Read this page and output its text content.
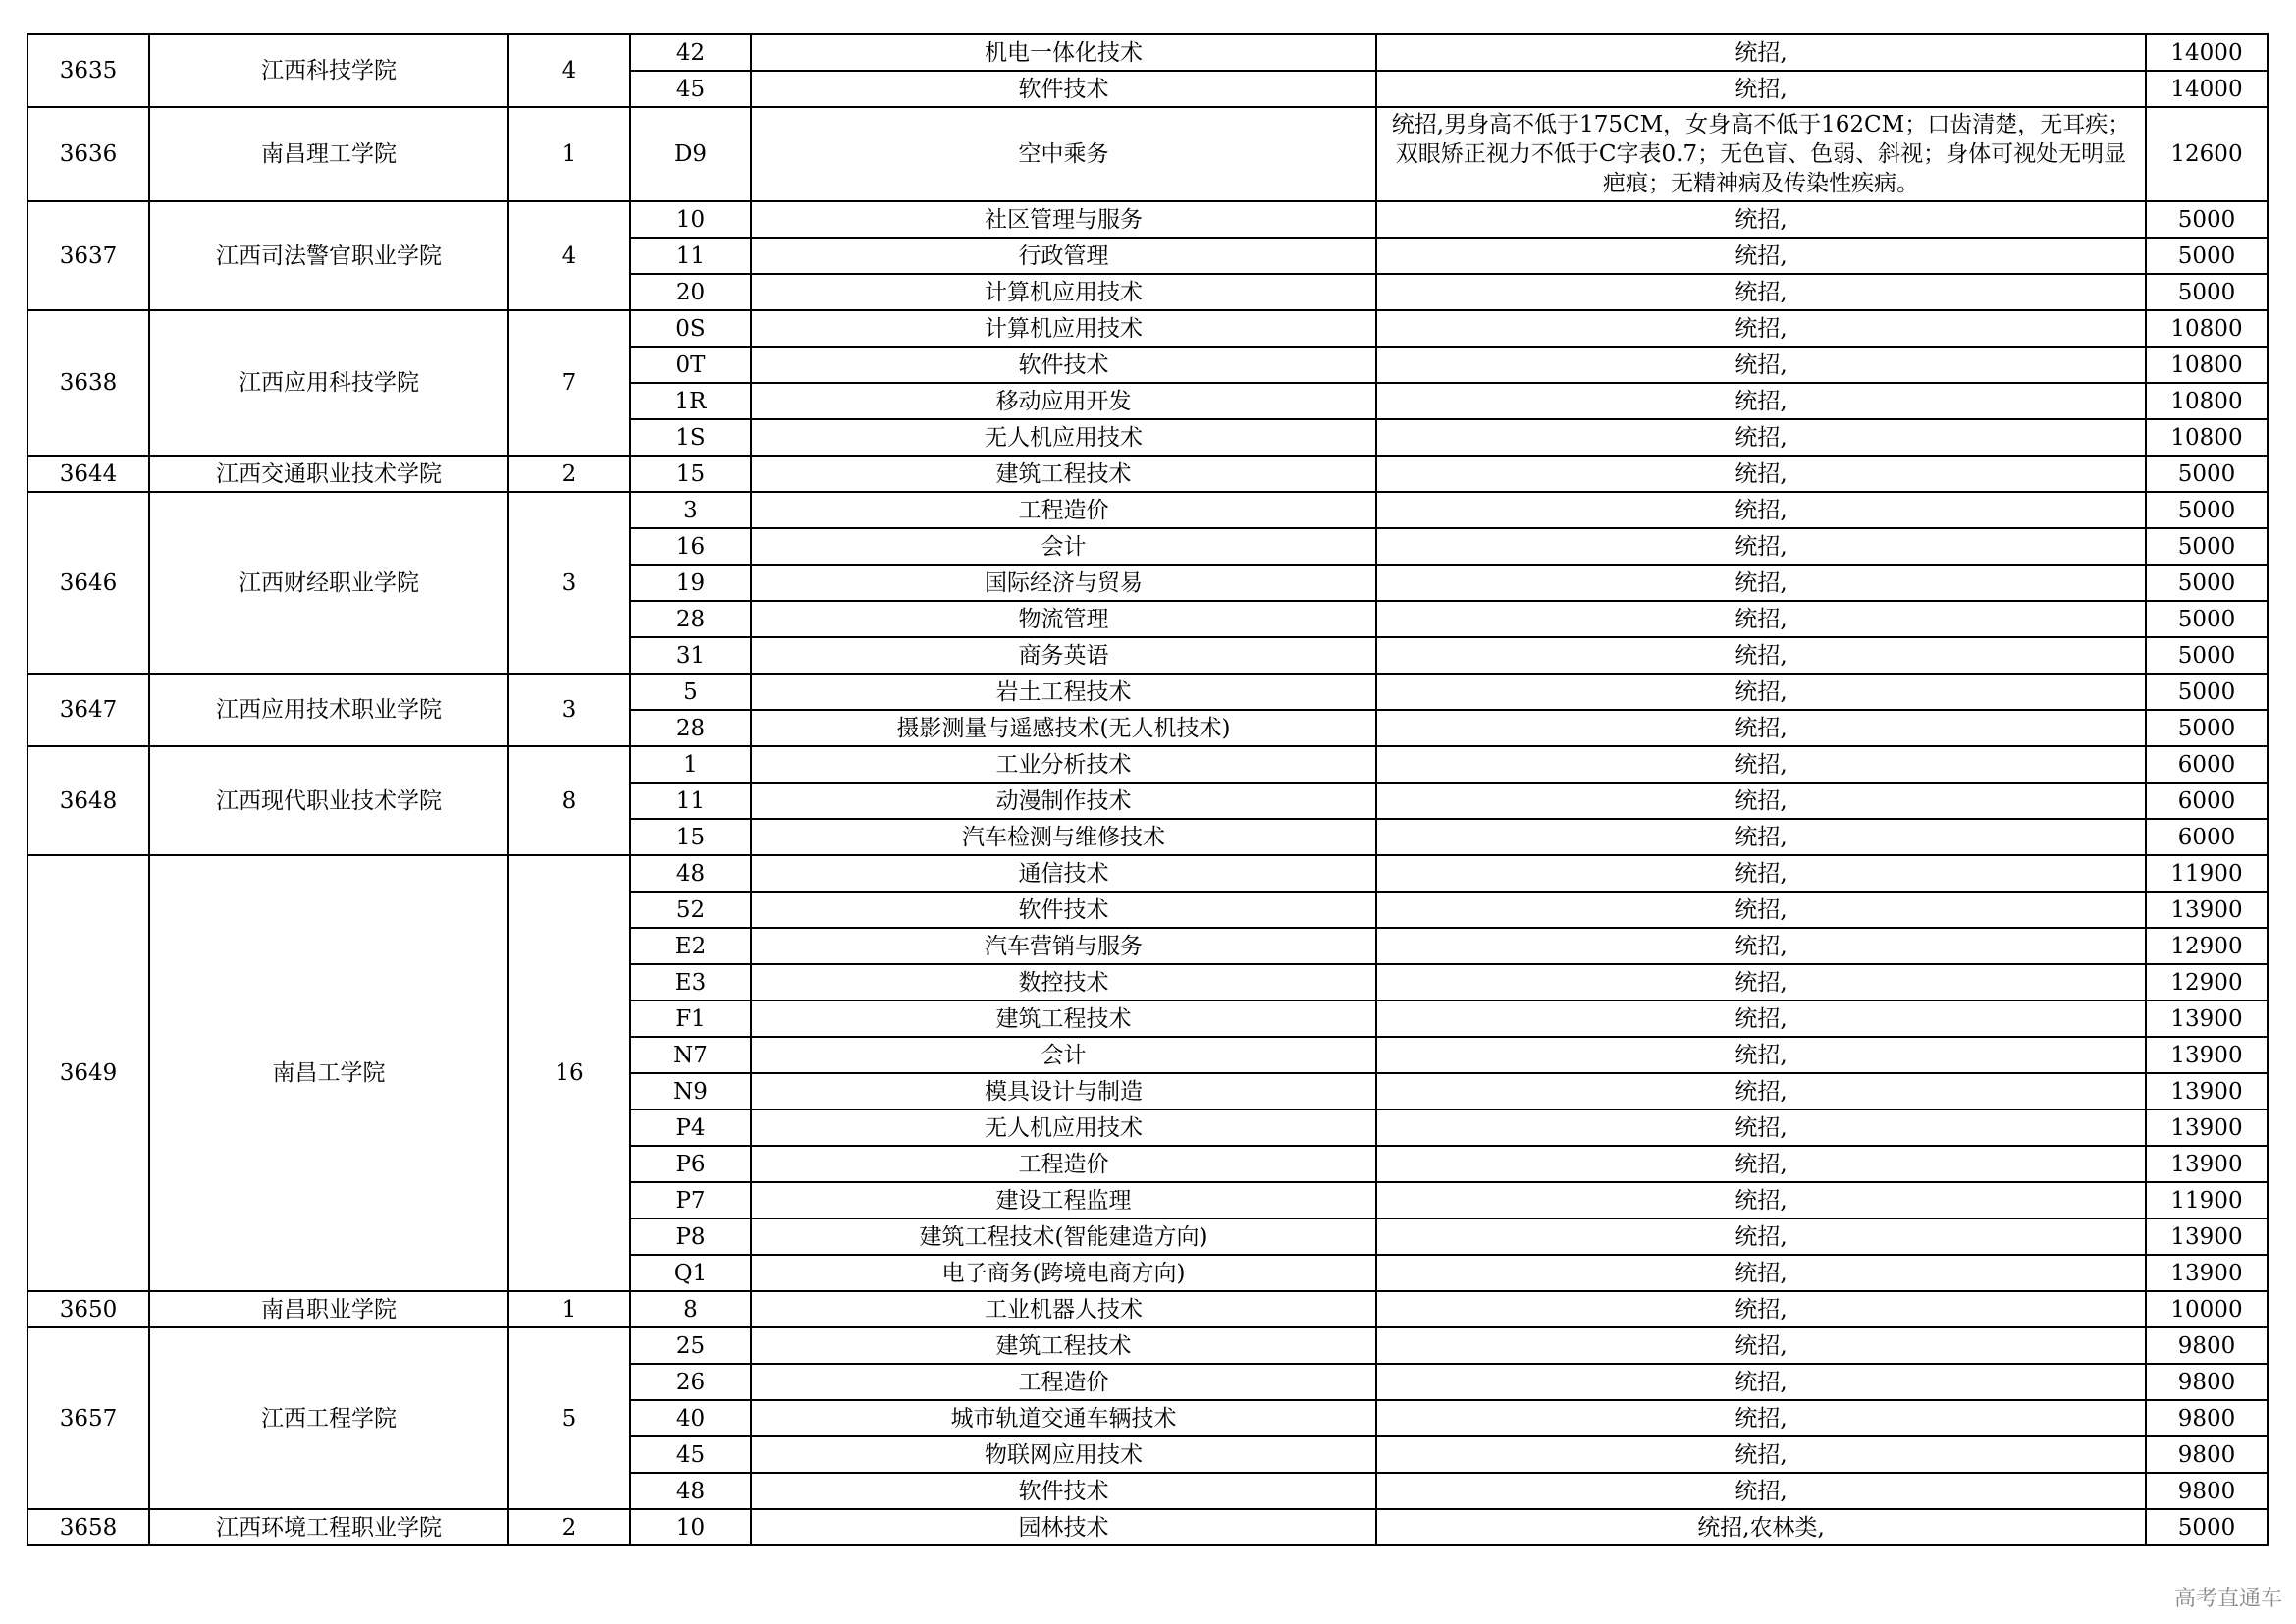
3635	江西科技学院	4	42	机电一体化技术	统招,	14000
			45	软件技术	统招,	14000
3636	南昌理工学院	1	D9	空中乘务	统招,男身高不低于175CM，女身高不低于162CM；口齿清楚，无耳疾；双眼矫正视力不低于C字表0.7；无色盲、色弱、斜视；身体可视处无明显疤痕；无精神病及传染性疾病。	12600
3637	江西司法警官职业学院	4	10	社区管理与服务	统招,	5000
			11	行政管理	统招,	5000
			20	计算机应用技术	统招,	5000
3638	江西应用科技学院	7	0S	计算机应用技术	统招,	10800
			0T	软件技术	统招,	10800
			1R	移动应用开发	统招,	10800
			1S	无人机应用技术	统招,	10800
3644	江西交通职业技术学院	2	15	建筑工程技术	统招,	5000
3646	江西财经职业学院	3	3	工程造价	统招,	5000
			16	会计	统招,	5000
			19	国际经济与贸易	统招,	5000
			28	物流管理	统招,	5000
			31	商务英语	统招,	5000
3647	江西应用技术职业学院	3	5	岩土工程技术	统招,	5000
			28	摄影测量与遥感技术(无人机技术)	统招,	5000
3648	江西现代职业技术学院	8	1	工业分析技术	统招,	6000
			11	动漫制作技术	统招,	6000
			15	汽车检测与维修技术	统招,	6000
3649	南昌工学院	16	48	通信技术	统招,	11900
			52	软件技术	统招,	13900
			E2	汽车营销与服务	统招,	12900
			E3	数控技术	统招,	12900
			F1	建筑工程技术	统招,	13900
			N7	会计	统招,	13900
			N9	模具设计与制造	统招,	13900
			P4	无人机应用技术	统招,	13900
			P6	工程造价	统招,	13900
			P7	建设工程监理	统招,	11900
			P8	建筑工程技术(智能建造方向)	统招,	13900
			Q1	电子商务(跨境电商方向)	统招,	13900
3650	南昌职业学院	1	8	工业机器人技术	统招,	10000
3657	江西工程学院	5	25	建筑工程技术	统招,	9800
			26	工程造价	统招,	9800
			40	城市轨道交通车辆技术	统招,	9800
			45	物联网应用技术	统招,	9800
			48	软件技术	统招,	9800
3658	江西环境工程职业学院	2	10	园林技术	统招,农林类,	5000
高考直通车
